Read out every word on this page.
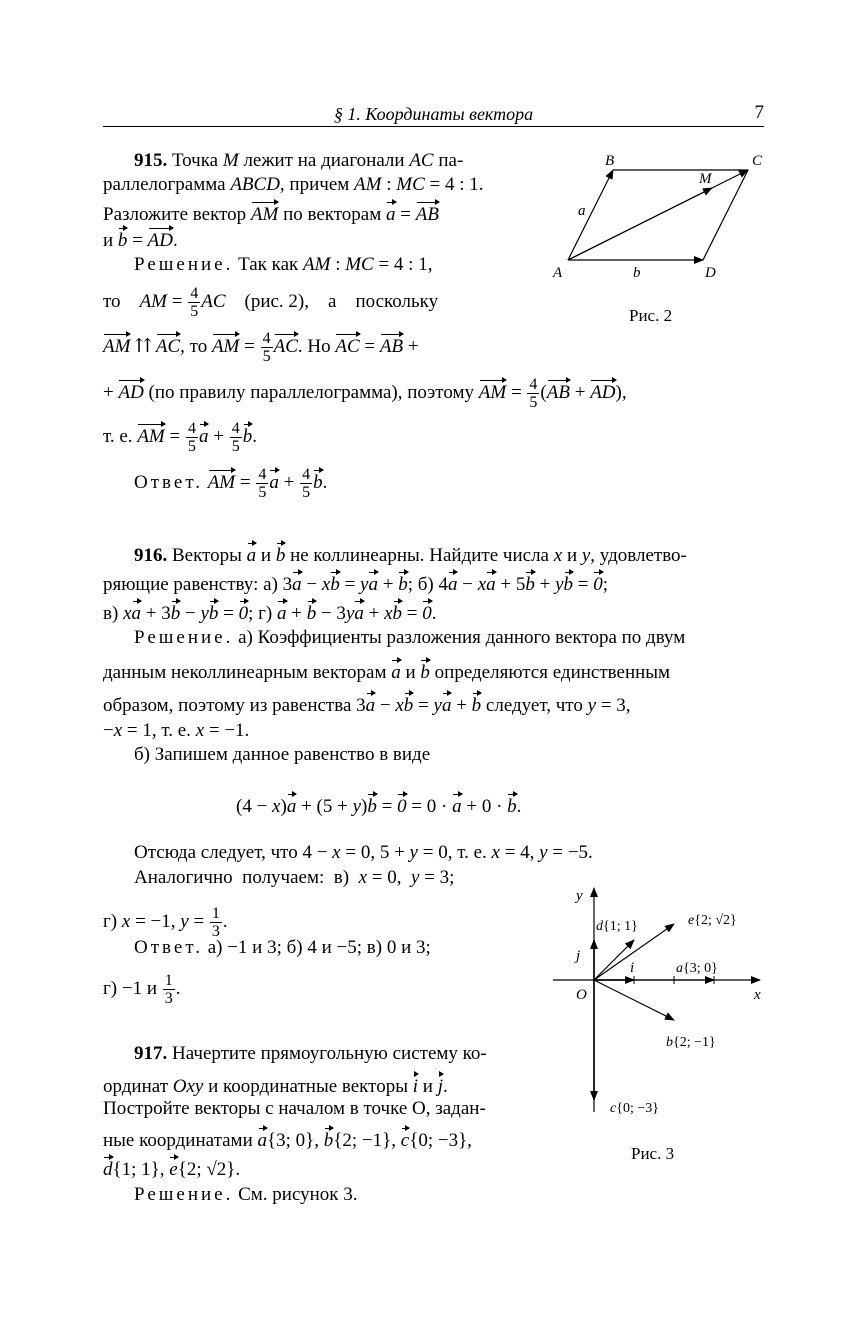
§ 1. Координаты вектора	7
915. Точка M лежит на диагонали AC па-
раллелограмма ABCD, причем AM : MC = 4 : 1.
Разложите вектор AM по векторам a = AB
и b = AD.
Решение. Так как AM : MC = 4 : 1,
то    AM = $\frac{4}{5}$ AC    (рис. 2),    а    поскольку
AM ⇈ AC, то AM = $\frac{4}{5}$ AC. Но AC = AB +
+ AD (по правилу параллелограмма), поэтому AM = $\frac{4}{5} (AB + AD)$,
т. е. AM = $\frac{4}{5}$ $a + \frac{4}{5} b$.
Ответ. AM = $\frac{4}{5}$ $a + \frac{4}{5} b$.
B	C
M
a
A	b	D
Рис. 2
916. Векторы a и b не коллинеарны. Найдите числа x и y, удовлетво-
ряющие равенству: а) 3a − xb = ya + b; б) 4a − xa + 5b + yb = 0;
в) xa + 3b − yb = 0; г) a + b − 3ya + xb = 0.
Решение. а) Коэффициенты разложения данного вектора по двум
данным неколлинеарным векторам a и b определяются единственным
образом, поэтому из равенства 3a − xb = ya + b следует, что y = 3,
−x = 1, т. е. x = −1.
б) Запишем данное равенство в виде
(4 − x)a + (5 + y)b = 0 = 0 · a + 0 · b.
Отсюда следует, что 4 − x = 0, 5 + y = 0, т. е. x = 4, y = −5.
Аналогично  получаем:  в)  x = 0,  y = 3;
г) x = −1, $y = \frac{1}{3}$ .
Ответ. а) −1 и 3; б) 4 и −5; в) 0 и 3;
г) −1 и $\frac{1}{3}$ .
y
d{1; 1}	e{2; √2}
j
i	a{3; 0}
O	x
b{2; −1}
c{0; −3}
Рис. 3
917. Начертите прямоугольную систему ко-
ординат Oxy и координатные векторы i и j.
Постройте векторы с началом в точке O, задан-
ные координатами a{3; 0}, b{2; −1}, c{0; −3},
d{1; 1}, e{2; √2}.
Решение. См. рисунок 3.
